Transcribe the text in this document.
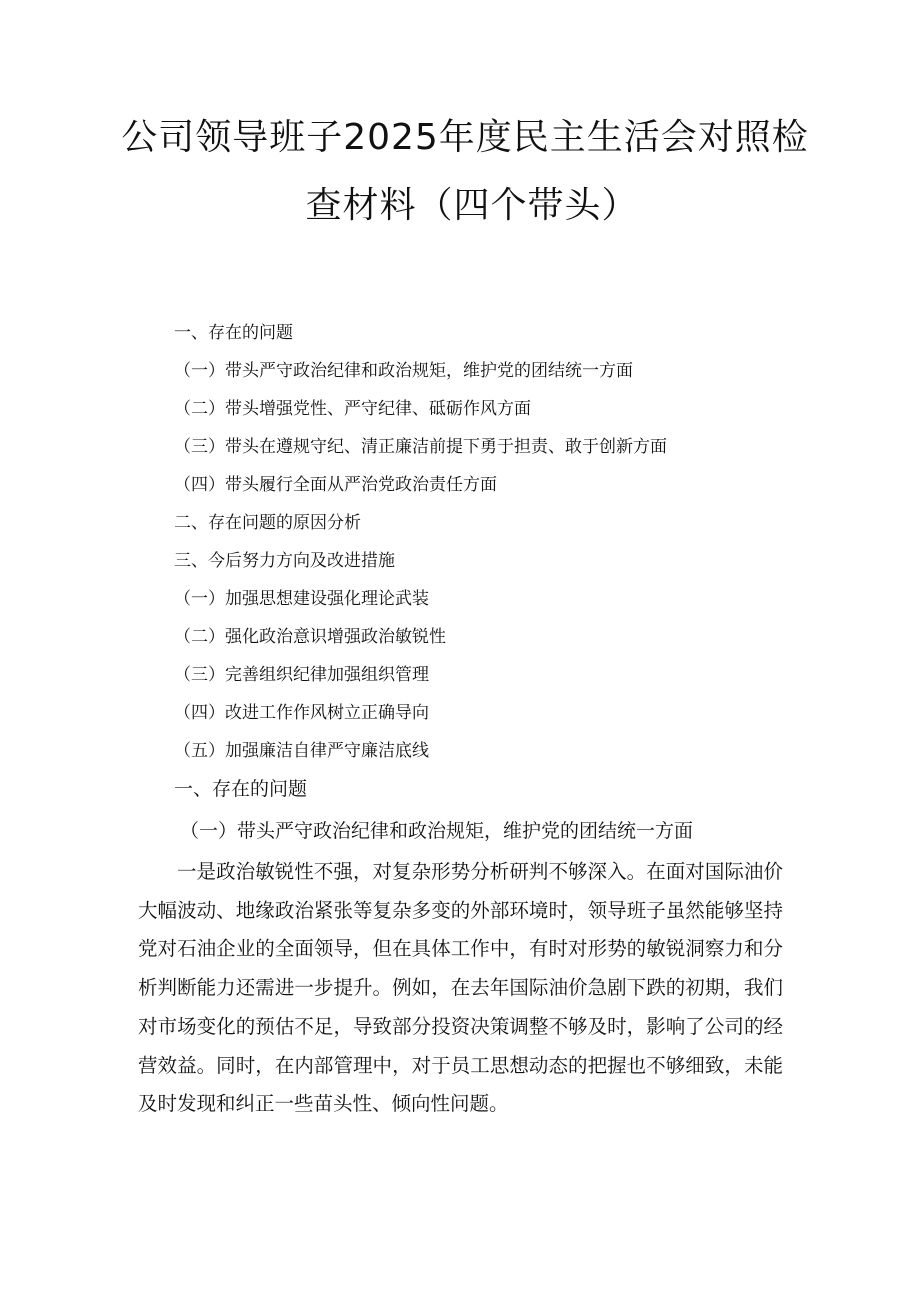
公司领导班子2025年度民主生活会对照检
查材料（四个带头）
一、存在的问题
（一）带头严守政治纪律和政治规矩，维护党的团结统一方面
（二）带头增强党性、严守纪律、砥砺作风方面
（三）带头在遵规守纪、清正廉洁前提下勇于担责、敢于创新方面
（四）带头履行全面从严治党政治责任方面
二、存在问题的原因分析
三、今后努力方向及改进措施
（一）加强思想建设强化理论武装
（二）强化政治意识增强政治敏锐性
（三）完善组织纪律加强组织管理
（四）改进工作作风树立正确导向
（五）加强廉洁自律严守廉洁底线
一、存在的问题
（一）带头严守政治纪律和政治规矩，维护党的团结统一方面

一是政治敏锐性不强，对复杂形势分析研判不够深入。在面对国际油价大幅波动、地缘政治紧张等复杂多变的外部环境时，领导班子虽然能够坚持党对石油企业的全面领导，但在具体工作中，有时对形势的敏锐洞察力和分析判断能力还需进一步提升。例如，在去年国际油价急剧下跌的初期，我们对市场变化的预估不足，导致部分投资决策调整不够及时，影响了公司的经营效益。同时，在内部管理中，对于员工思想动态的把握也不够细致，未能及时发现和纠正一些苗头性、倾向性问题。
